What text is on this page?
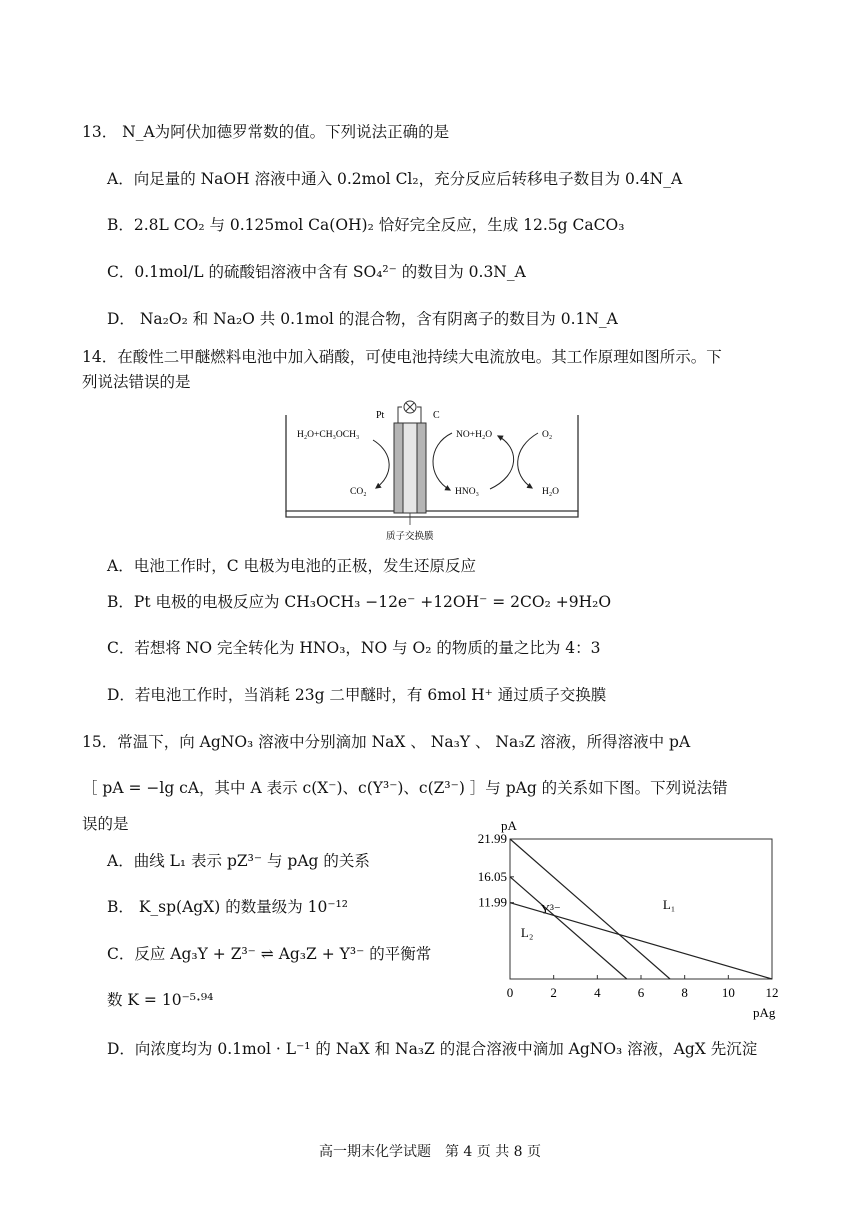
13． N_A为阿伏加德罗常数的值。下列说法正确的是
A．向足量的 NaOH 溶液中通入 0.2mol Cl₂，充分反应后转移电子数目为 0.4N_A
B．2.8L CO₂ 与 0.125mol Ca(OH)₂ 恰好完全反应，生成 12.5g CaCO₃
C．0.1mol/L 的硫酸铝溶液中含有 SO₄²⁻ 的数目为 0.3N_A
D． Na₂O₂ 和 Na₂O 共 0.1mol 的混合物，含有阴离子的数目为 0.1N_A
14．在酸性二甲醚燃料电池中加入硝酸，可使电池持续大电流放电。其工作原理如图所示。下
列说法错误的是
Pt	C
H₂O+CH₃OCH₃
CO₂
NO+H₂O
HNO₃
O₂
H₂O
质子交换膜
A．电池工作时，C 电极为电池的正极，发生还原反应
B．Pt 电极的电极反应为 CH₃OCH₃ −12e⁻ +12OH⁻ = 2CO₂ +9H₂O
C．若想将 NO 完全转化为 HNO₃，NO 与 O₂ 的物质的量之比为 4：3
D．若电池工作时，当消耗 23g 二甲醚时，有 6mol H⁺ 通过质子交换膜
15．常温下，向 AgNO₃ 溶液中分别滴加 NaX 、 Na₃Y 、 Na₃Z 溶液，所得溶液中 pA
［ pA = −lg cA，其中 A 表示 c(X⁻)、c(Y³⁻)、c(Z³⁻) ］与 pAg 的关系如下图。下列说法错
误的是
A．曲线 L₁ 表示 pZ³⁻ 与 pAg 的关系
B． K_sp(AgX) 的数量级为 10⁻¹²
C．反应 Ag₃Y + Z³⁻ ⇌ Ag₃Z + Y³⁻ 的平衡常
数 K = 10⁻⁵·⁹⁴
D．向浓度均为 0.1mol · L⁻¹ 的 NaX 和 Na₃Z 的混合溶液中滴加 AgNO₃ 溶液，AgX 先沉淀
pA
pAg
0	2	4	6	8	10 12
11.99
16.05
21.99
L₁
Y³⁻
L₂
高一期末化学试题　第 4 页 共 8 页
